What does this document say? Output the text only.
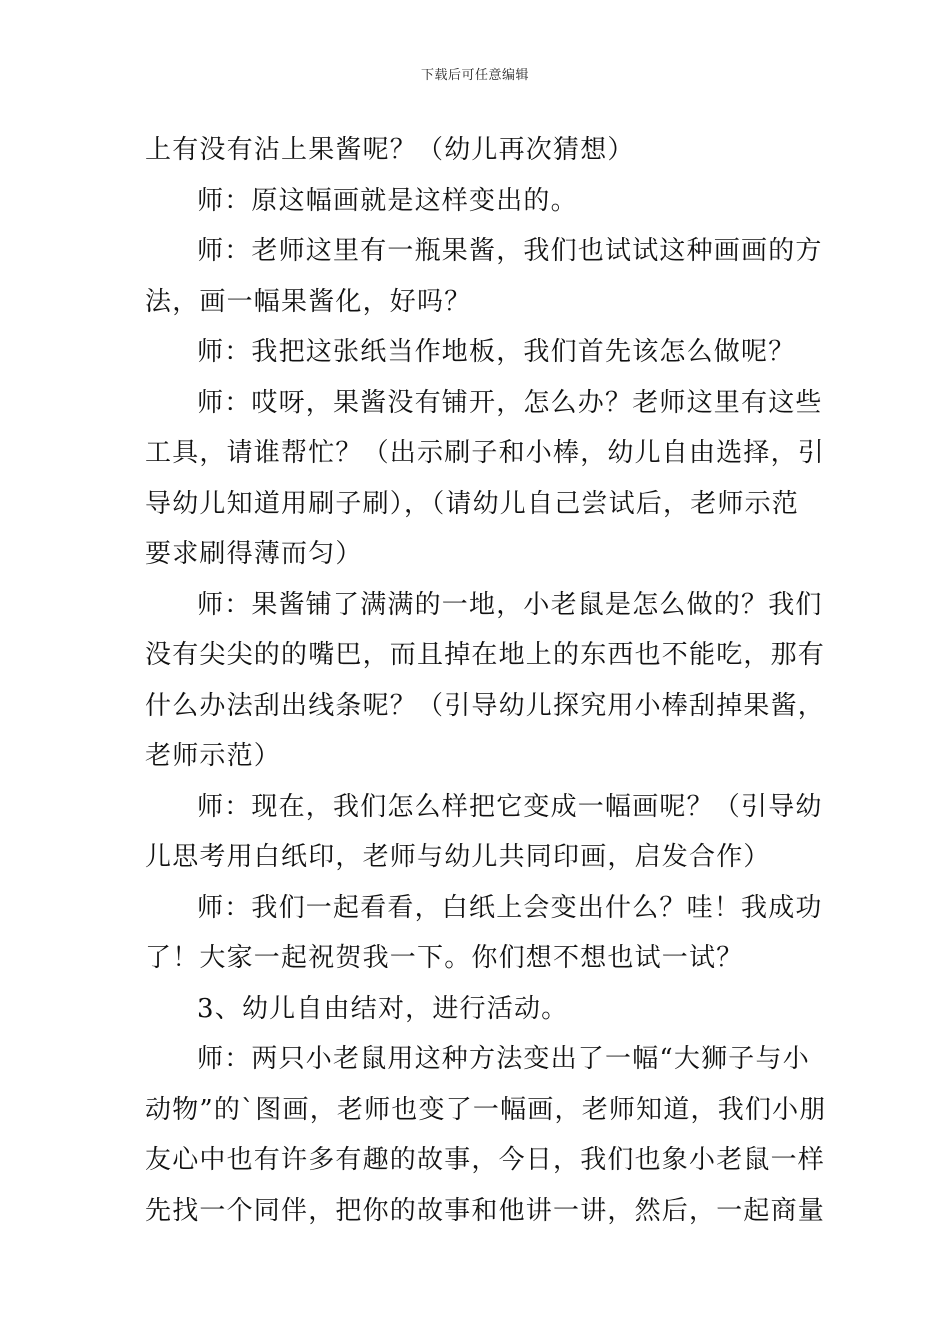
下载后可任意编辑
上有没有沾上果酱呢？（幼儿再次猜想）
师：原这幅画就是这样变出的。
师：老师这里有一瓶果酱，我们也试试这种画画的方
法，画一幅果酱化，好吗？
师：我把这张纸当作地板，我们首先该怎么做呢？
师：哎呀，果酱没有铺开，怎么办？老师这里有这些
工具，请谁帮忙？（出示刷子和小棒，幼儿自由选择，引
导幼儿知道用刷子刷），（请幼儿自己尝试后，老师示范
要求刷得薄而匀）
师：果酱铺了满满的一地，小老鼠是怎么做的？我们
没有尖尖的的嘴巴，而且掉在地上的东西也不能吃，那有
什么办法刮出线条呢？（引导幼儿探究用小棒刮掉果酱，
老师示范）
师：现在，我们怎么样把它变成一幅画呢？（引导幼
儿思考用白纸印，老师与幼儿共同印画，启发合作）
师：我们一起看看，白纸上会变出什么？哇！我成功
了！大家一起祝贺我一下。你们想不想也试一试？
3、幼儿自由结对，进行活动。
师：两只小老鼠用这种方法变出了一幅“大狮子与小
动物”的`图画，老师也变了一幅画，老师知道，我们小朋
友心中也有许多有趣的故事，今日，我们也象小老鼠一样
先找一个同伴，把你的故事和他讲一讲，然后，一起商量
